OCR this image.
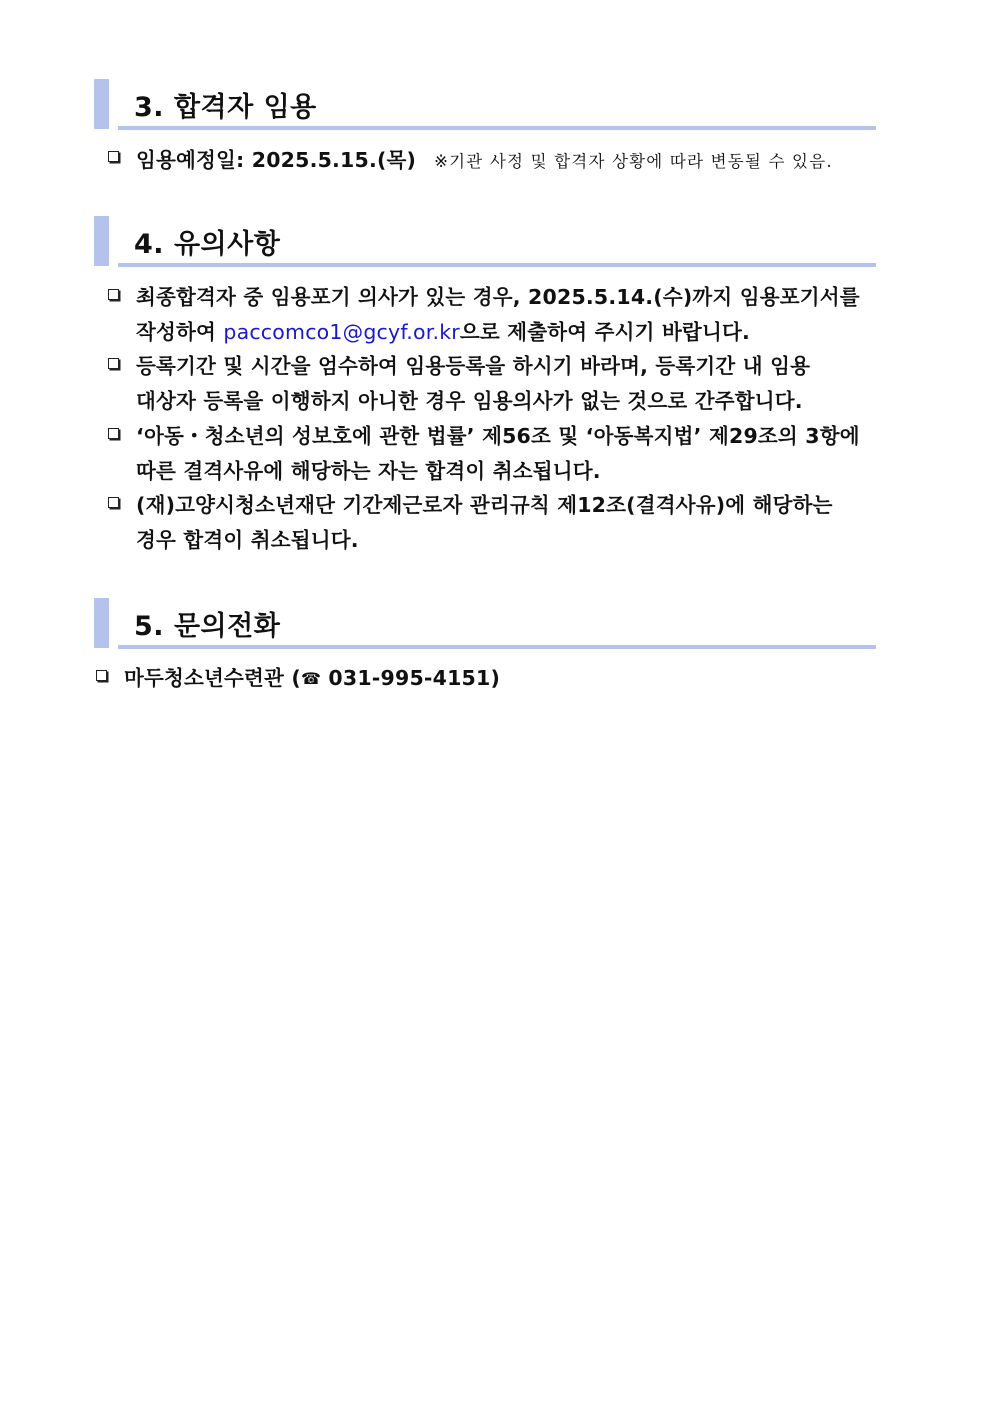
3. 합격자 임용
임용예정일: 2025.5.15.(목) ※기관 사정 및 합격자 상황에 따라 변동될 수 있음.
4. 유의사항
최종합격자 중 임용포기 의사가 있는 경우, 2025.5.14.(수)까지 임용포기서를
작성하여 paccomco1@gcyf.or.kr으로 제출하여 주시기 바랍니다.
등록기간 및 시간을 엄수하여 임용등록을 하시기 바라며, 등록기간 내 임용
대상자 등록을 이행하지 아니한 경우 임용의사가 없는 것으로 간주합니다.
‘아동・청소년의 성보호에 관한 법률’ 제56조 및 ‘아동복지법’ 제29조의 3항에
따른 결격사유에 해당하는 자는 합격이 취소됩니다.
(재)고양시청소년재단 기간제근로자 관리규칙 제12조(결격사유)에 해당하는
경우 합격이 취소됩니다.
5. 문의전화
마두청소년수련관 (☎ 031-995-4151)
